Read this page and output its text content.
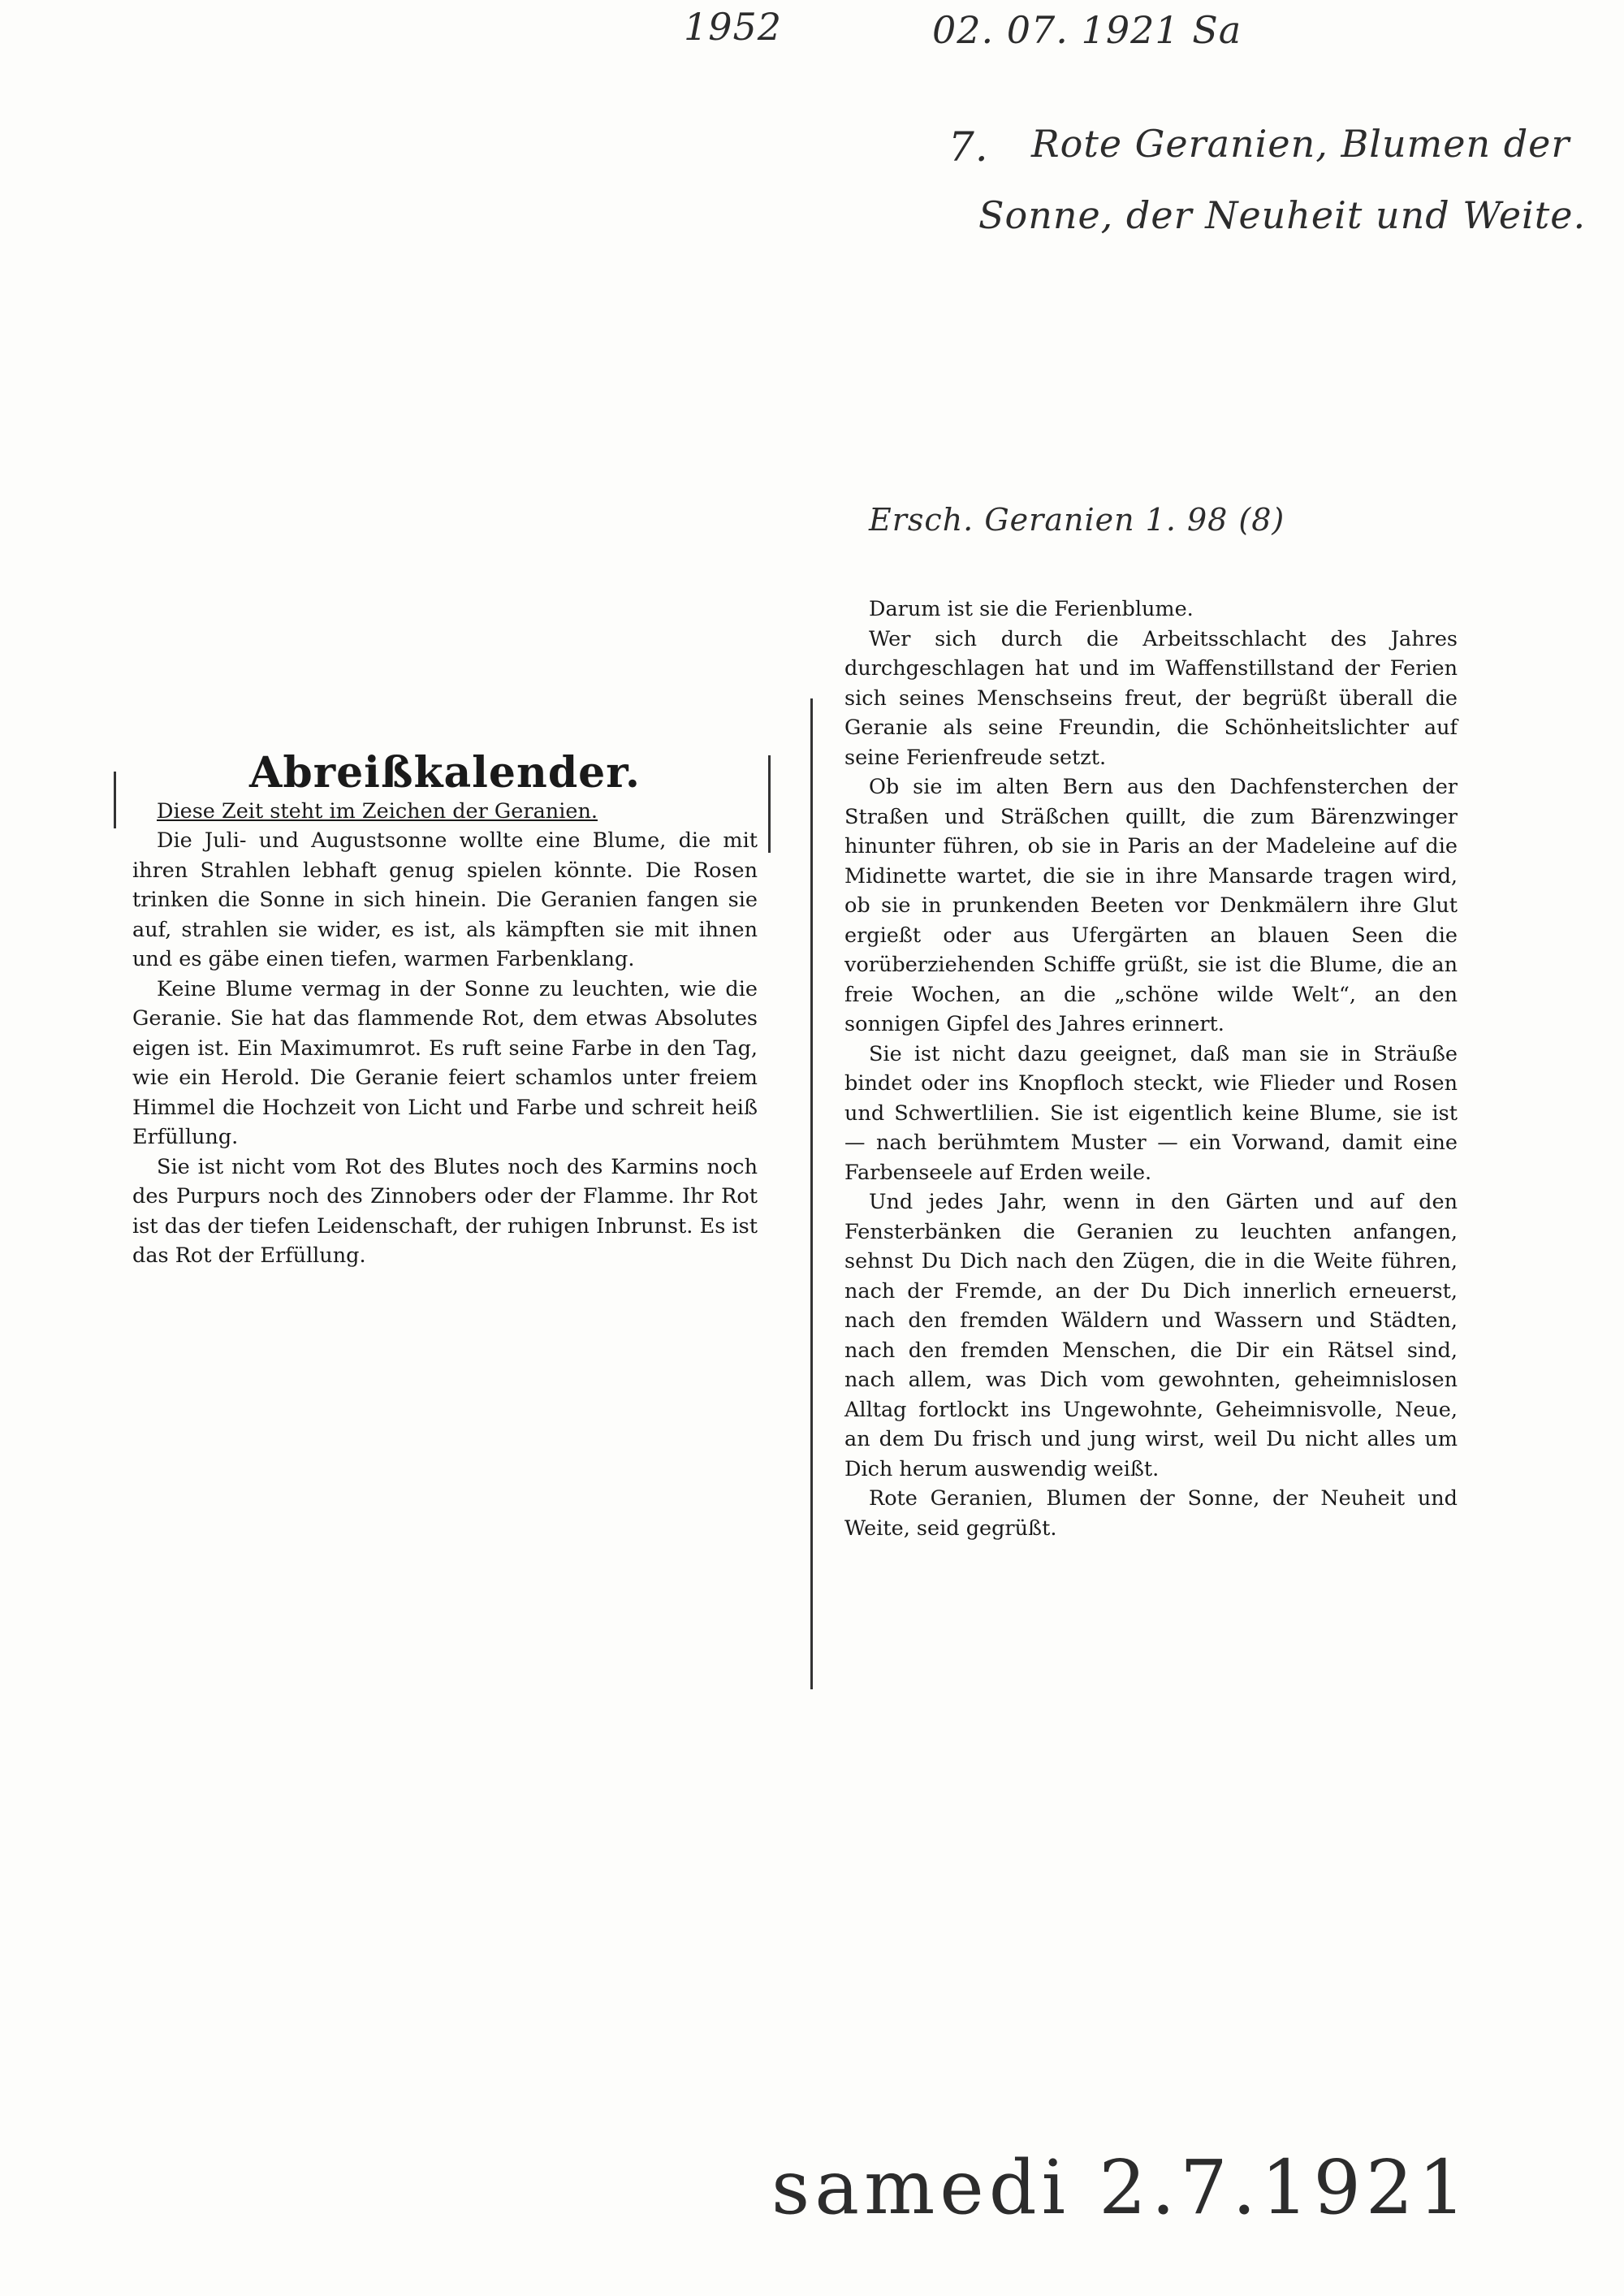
1952	02. 07. 1921 Sa
7. Rote Geranien, Blumen der
Sonne, der Neuheit und Weite.
Ersch. Geranien 1. 98 (8)
samedi 2.7.1921

Abreißkalender.

Diese Zeit steht im Zeichen der Geranien.

Die Juli- und Augustsonne wollte eine Blume, die mit ihren Strahlen lebhaft genug spielen könnte. Die Rosen trinken die Sonne in sich hinein. Die Geranien fangen sie auf, strahlen sie wider, es ist, als kämpften sie mit ihnen und es gäbe einen tiefen, warmen Farbenklang.

Keine Blume vermag in der Sonne zu leuchten, wie die Geranie. Sie hat das flammende Rot, dem etwas Absolutes eigen ist. Ein Maximumrot. Es ruft seine Farbe in den Tag, wie ein Herold. Die Geranie feiert schamlos unter freiem Himmel die Hochzeit von Licht und Farbe und schreit heiß Erfüllung.

Sie ist nicht vom Rot des Blutes noch des Karmins noch des Purpurs noch des Zinnobers oder der Flamme. Ihr Rot ist das der tiefen Leidenschaft, der ruhigen Inbrunst. Es ist das Rot der Erfüllung.

Darum ist sie die Ferienblume.

Wer sich durch die Arbeitsschlacht des Jahres durchgeschlagen hat und im Waffenstillstand der Ferien sich seines Menschseins freut, der begrüßt überall die Geranie als seine Freundin, die Schönheitslichter auf seine Ferienfreude setzt.

Ob sie im alten Bern aus den Dachfensterchen der Straßen und Sträßchen quillt, die zum Bärenzwinger hinunter führen, ob sie in Paris an der Madeleine auf die Midinette wartet, die sie in ihre Mansarde tragen wird, ob sie in prunkenden Beeten vor Denkmälern ihre Glut ergießt oder aus Ufergärten an blauen Seen die vorüberziehenden Schiffe grüßt, sie ist die Blume, die an freie Wochen, an die „schöne wilde Welt“, an den sonnigen Gipfel des Jahres erinnert.

Sie ist nicht dazu geeignet, daß man sie in Sträuße bindet oder ins Knopfloch steckt, wie Flieder und Rosen und Schwertlilien. Sie ist eigentlich keine Blume, sie ist — nach berühmtem Muster — ein Vorwand, damit eine Farbenseele auf Erden weile.

Und jedes Jahr, wenn in den Gärten und auf den Fensterbänken die Geranien zu leuchten anfangen, sehnst Du Dich nach den Zügen, die in die Weite führen, nach der Fremde, an der Du Dich innerlich erneuerst, nach den fremden Wäldern und Wassern und Städten, nach den fremden Menschen, die Dir ein Rätsel sind, nach allem, was Dich vom gewohnten, geheimnislosen Alltag fortlockt ins Ungewohnte, Geheimnisvolle, Neue, an dem Du frisch und jung wirst, weil Du nicht alles um Dich herum auswendig weißt.

Rote Geranien, Blumen der Sonne, der Neuheit und Weite, seid gegrüßt.
